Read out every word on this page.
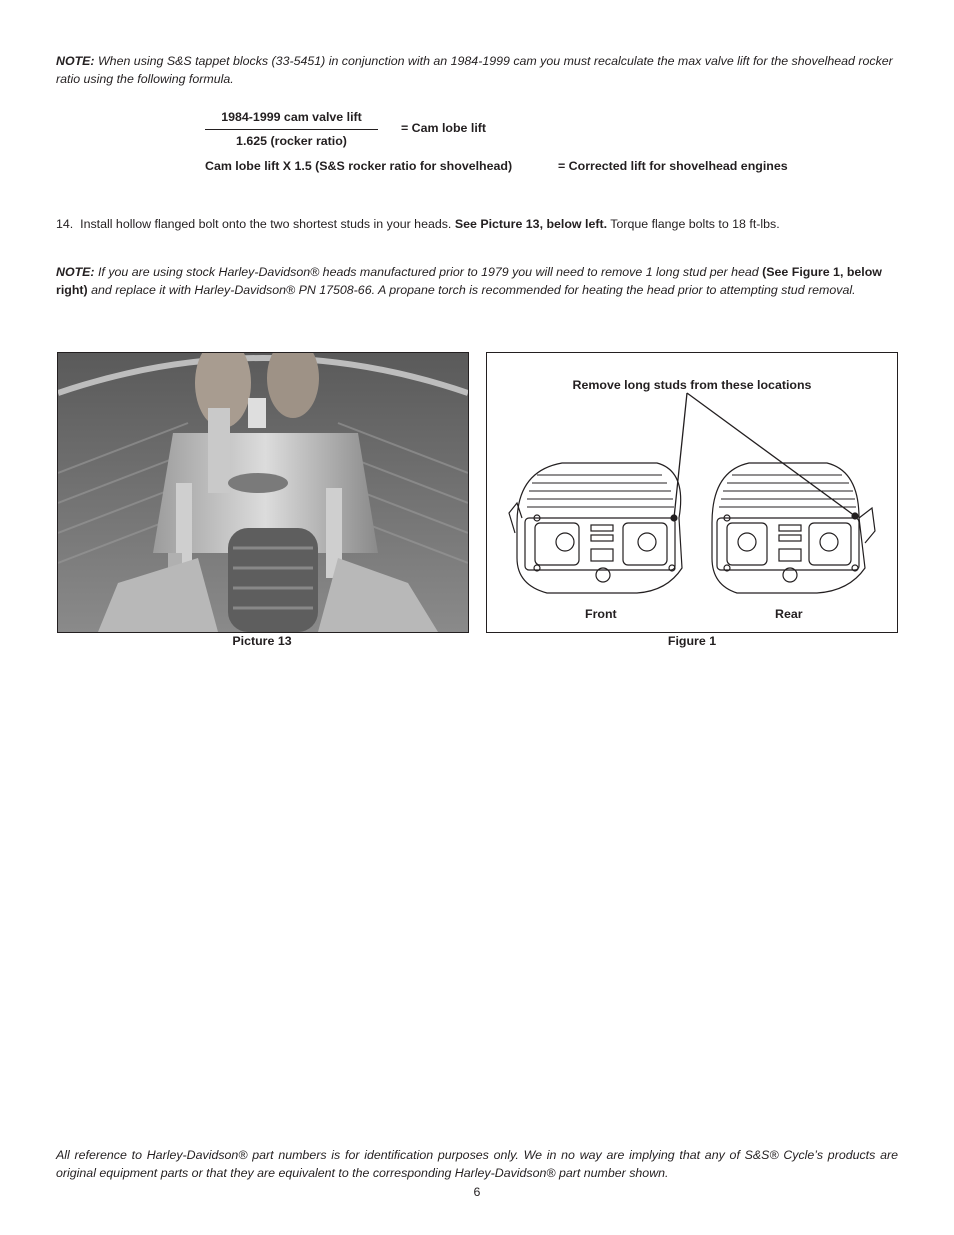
NOTE: When using S&S tappet blocks (33-5451) in conjunction with an 1984-1999 cam you must recalculate the max valve lift for the shovelhead rocker ratio using the following formula.
1984-1999 cam valve lift
1.625 (rocker ratio)
= Cam lobe lift
Cam lobe lift X 1.5 (S&S rocker ratio for shovelhead)	= Corrected lift for shovelhead engines
14. Install hollow flanged bolt onto the two shortest studs in your heads. See Picture 13, below left. Torque flange bolts to 18 ft-lbs.
NOTE: If you are using stock Harley-Davidson® heads manufactured prior to 1979 you will need to remove 1 long stud per head (See Figure 1, below right) and replace it with Harley-Davidson® PN 17508-66. A propane torch is recommended for heating the head prior to attempting stud removal.
Remove long studs from these locations
Front	Rear
Picture 13	Figure 1
All reference to Harley-Davidson® part numbers is for identification purposes only. We in no way are implying that any of S&S® Cycle’s products are original equipment parts or that they are equivalent to the corresponding Harley-Davidson® part number shown.
6
